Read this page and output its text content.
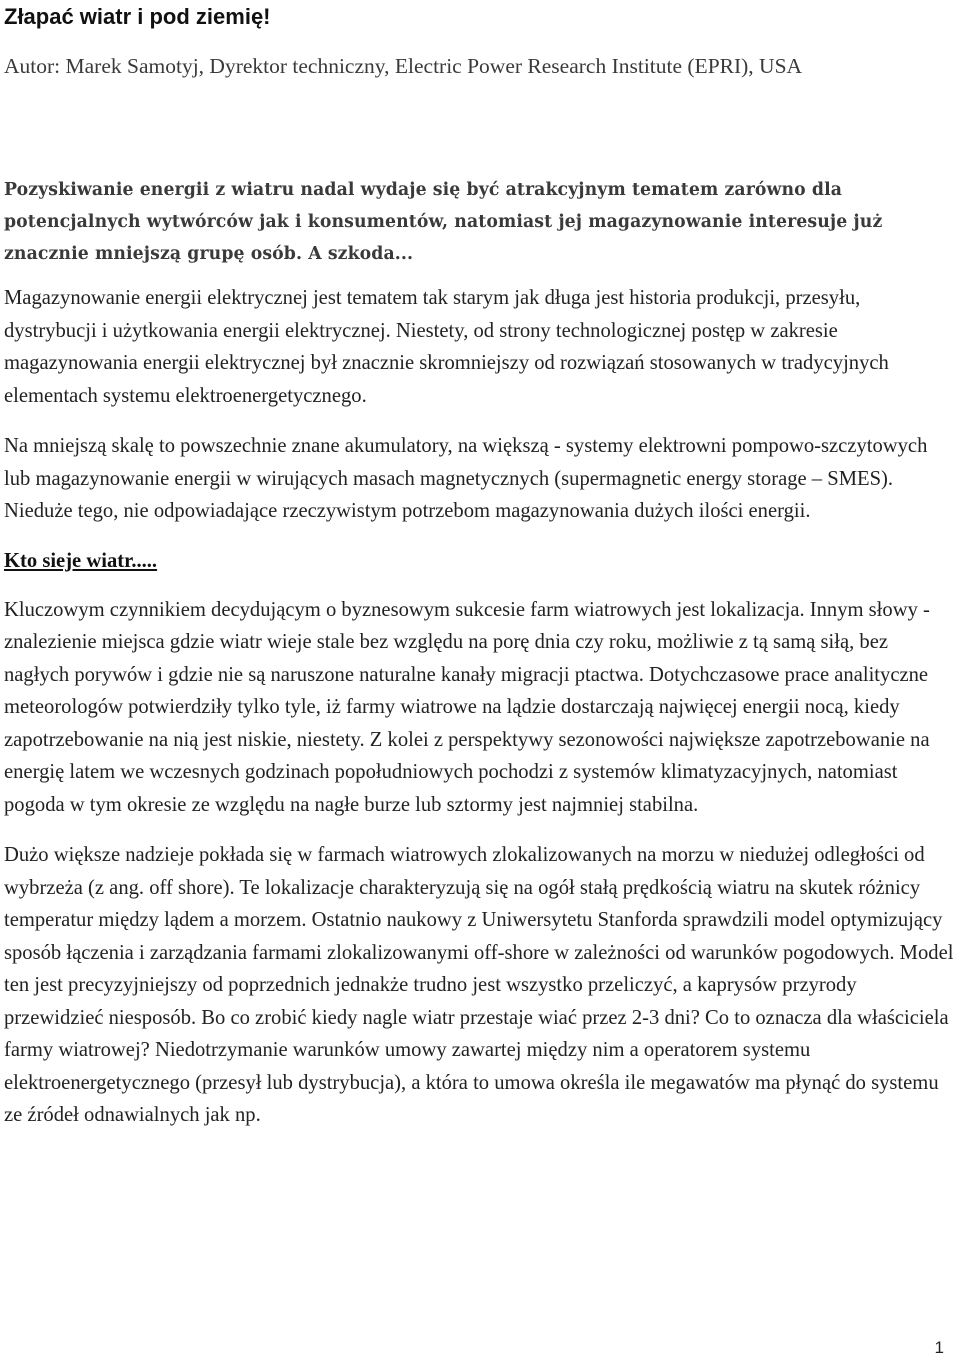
Złapać wiatr i pod ziemię!

Autor: Marek Samotyj, Dyrektor techniczny, Electric Power Research Institute (EPRI), USA

Pozyskiwanie energii z wiatru nadal wydaje się być atrakcyjnym tematem zarówno dla potencjalnych wytwórców jak i konsumentów, natomiast jej magazynowanie interesuje już znacznie mniejszą grupę osób. A szkoda...

Magazynowanie energii elektrycznej jest tematem tak starym jak długa jest historia produkcji, przesyłu, dystrybucji i użytkowania energii elektrycznej. Niestety, od strony technologicznej postęp w zakresie magazynowania energii elektrycznej był znacznie skromniejszy od rozwiązań stosowanych w tradycyjnych elementach systemu elektroenergetycznego.

Na mniejszą skalę to powszechnie znane akumulatory, na większą - systemy elektrowni pompowo-szczytowych lub magazynowanie energii w wirujących masach magnetycznych (supermagnetic energy storage – SMES). Nieduże tego, nie odpowiadające rzeczywistym potrzebom magazynowania dużych ilości energii.

Kto sieje wiatr.....

Kluczowym czynnikiem decydującym o byznesowym sukcesie farm wiatrowych jest lokalizacja. Innym słowy - znalezienie miejsca gdzie wiatr wieje stale bez względu na porę dnia czy roku, możliwie z tą samą siłą, bez nagłych porywów i gdzie nie są naruszone naturalne kanały migracji ptactwa. Dotychczasowe prace analityczne meteorologów potwierdziły tylko tyle, iż farmy wiatrowe na lądzie dostarczają najwięcej energii nocą, kiedy zapotrzebowanie na nią jest niskie, niestety. Z kolei z perspektywy sezonowości największe zapotrzebowanie na energię latem we wczesnych godzinach popołudniowych pochodzi z systemów klimatyzacyjnych, natomiast pogoda w tym okresie ze względu na nagłe burze lub sztormy jest najmniej stabilna.

Dużo większe nadzieje pokłada się w farmach wiatrowych zlokalizowanych na morzu w niedużej odległości od wybrzeża (z ang. off shore). Te lokalizacje charakteryzują się na ogół stałą prędkością wiatru na skutek różnicy temperatur między lądem a morzem. Ostatnio naukowy z Uniwersytetu Stanforda sprawdzili model optymizujący sposób łączenia i zarządzania farmami zlokalizowanymi off-shore w zależności od warunków pogodowych. Model ten jest precyzyjniejszy od poprzednich jednakże trudno jest wszystko przeliczyć, a kaprysów przyrody przewidzieć niesposób. Bo co zrobić kiedy nagle wiatr przestaje wiać przez 2-3 dni? Co to oznacza dla właściciela farmy wiatrowej? Niedotrzymanie warunków umowy zawartej między nim a operatorem systemu elektroenergetycznego (przesył lub dystrybucja), a która to umowa określa ile megawatów ma płynąć do systemu ze źródeł odnawialnych jak np.

1
